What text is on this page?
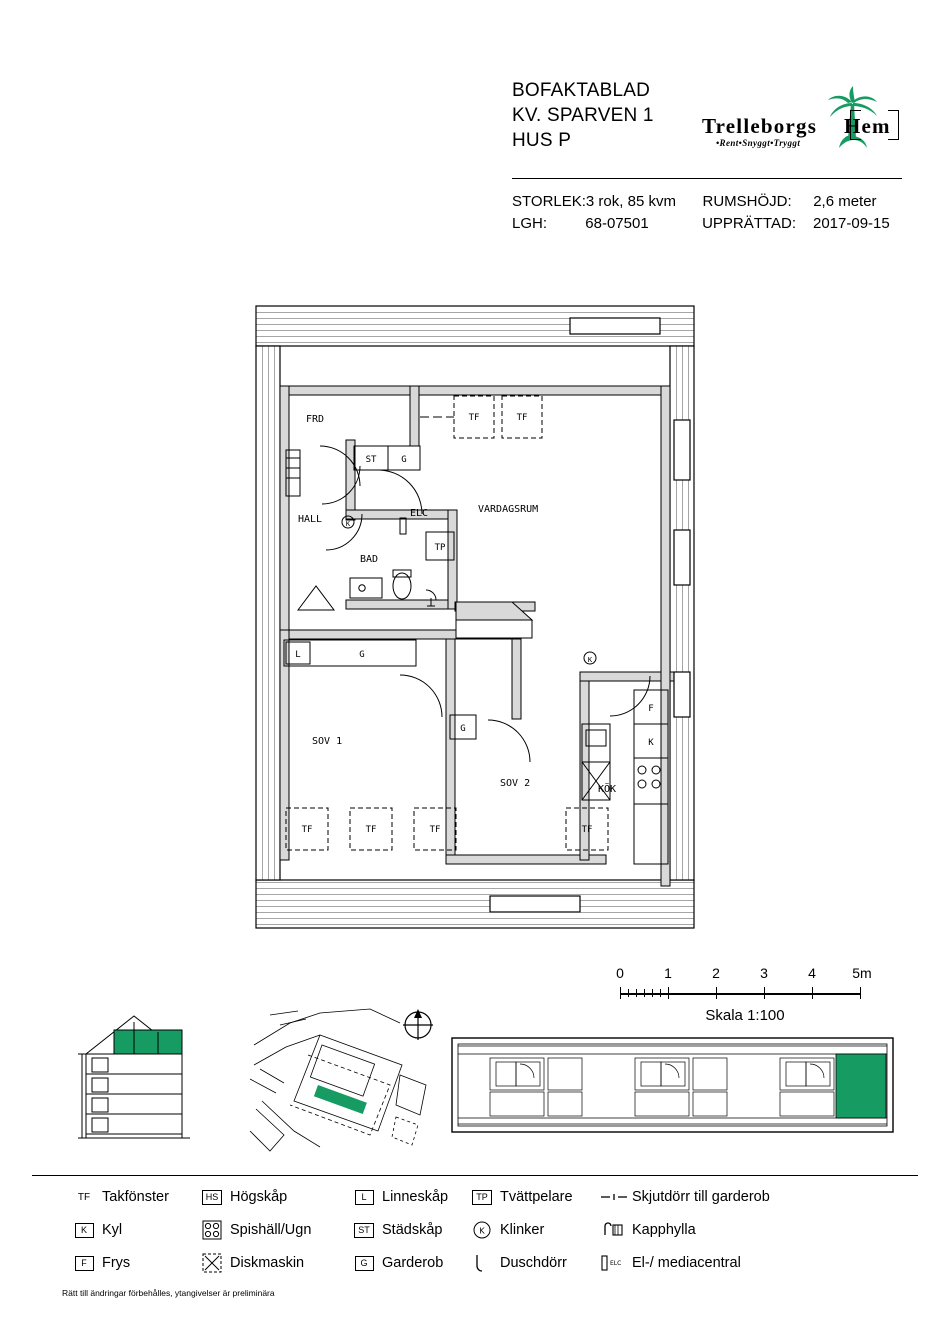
BOFAKTABLAD
KV. SPARVEN 1
HUS P
Trelleborgs Hem
•Rent•Snyggt•Tryggt
STORLEK: 3 rok, 85 kvm	RUMSHÖJD:	2,6 meter
LGH:	68-07501	UPPRÄTTAD:	2017-09-15
FRD
HALL
ELC	VARDAGSRUM
BAD
SOV 1
SOV 2
KÖK
TF	TF
TF	TF	TF	TF
ST	G
L	G
G
TP
K
K
F
K
0	1	2	3	4	5m
Skala 1:100
TF Takfönster	HS Högskåp	L	Linneskåp	TP Tvättpelare	Skjutdörr till garderob
K	Kyl	Spishäll/Ugn	ST Städskåp	K Klinker	Kapphylla
F	Frys	Diskmaskin	G	Garderob	Duschdörr	ELC El-/ mediacentral
Rätt till ändringar förbehålles, ytangivelser är preliminära
